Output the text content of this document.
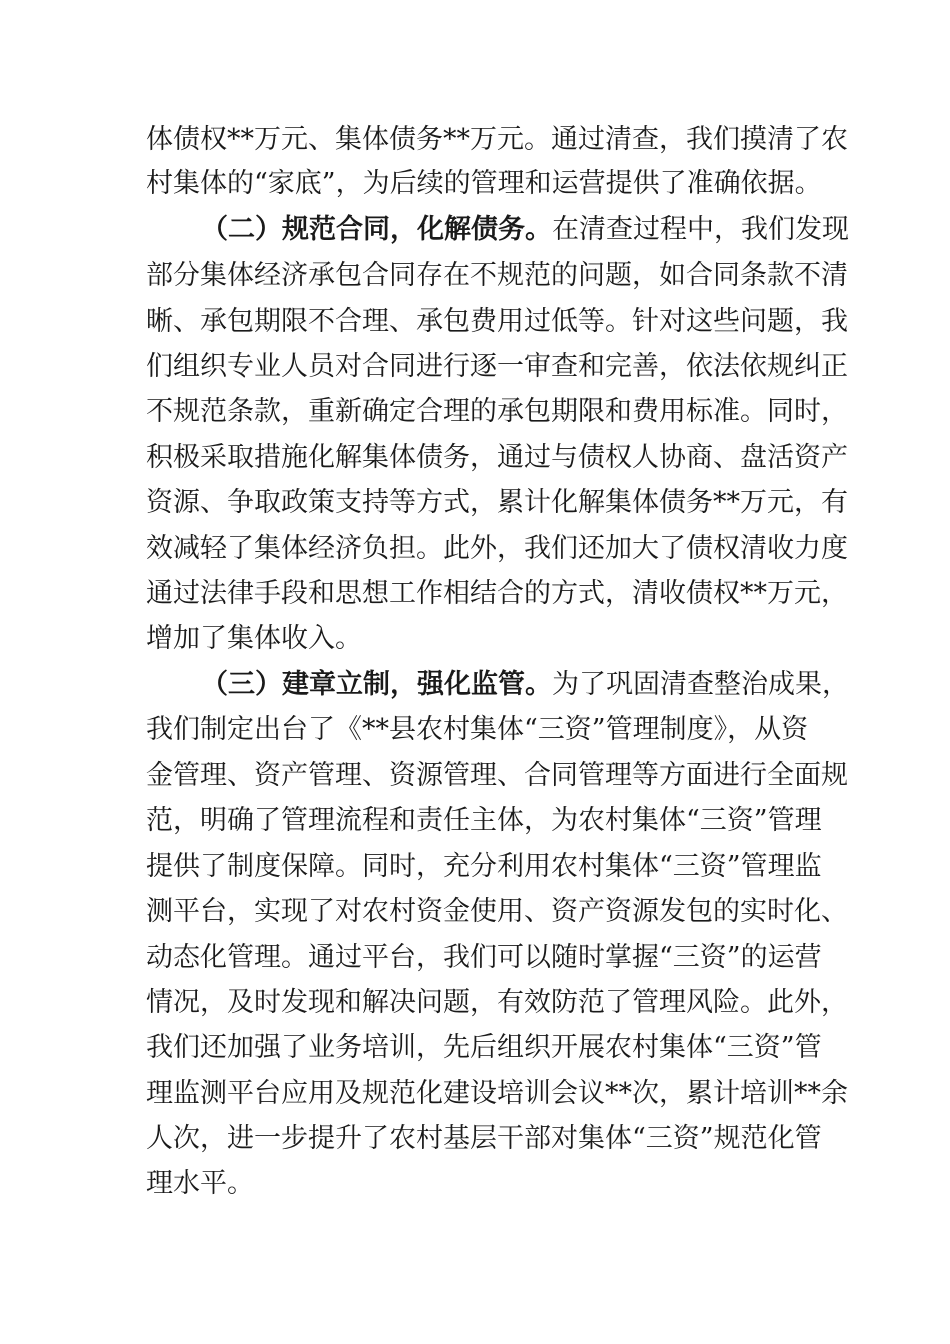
体债权**万元、集体债务**万元。通过清查，我们摸清了农
村集体的“家底”，为后续的管理和运营提供了准确依据。
（二）规范合同，化解债务。在清查过程中，我们发现
部分集体经济承包合同存在不规范的问题，如合同条款不清
晰、承包期限不合理、承包费用过低等。针对这些问题，我
们组织专业人员对合同进行逐一审查和完善，依法依规纠正
不规范条款，重新确定合理的承包期限和费用标准。同时，
积极采取措施化解集体债务，通过与债权人协商、盘活资产
资源、争取政策支持等方式，累计化解集体债务**万元，有
效减轻了集体经济负担。此外，我们还加大了债权清收力度
通过法律手段和思想工作相结合的方式，清收债权**万元，
增加了集体收入。
（三）建章立制，强化监管。为了巩固清查整治成果，
我们制定出台了《**县农村集体“三资”管理制度》，从资
金管理、资产管理、资源管理、合同管理等方面进行全面规
范，明确了管理流程和责任主体，为农村集体“三资”管理
提供了制度保障。同时，充分利用农村集体“三资”管理监
测平台，实现了对农村资金使用、资产资源发包的实时化、
动态化管理。通过平台，我们可以随时掌握“三资”的运营
情况，及时发现和解决问题，有效防范了管理风险。此外，
我们还加强了业务培训，先后组织开展农村集体“三资”管
理监测平台应用及规范化建设培训会议**次，累计培训**余
人次，进一步提升了农村基层干部对集体“三资”规范化管
理水平。
